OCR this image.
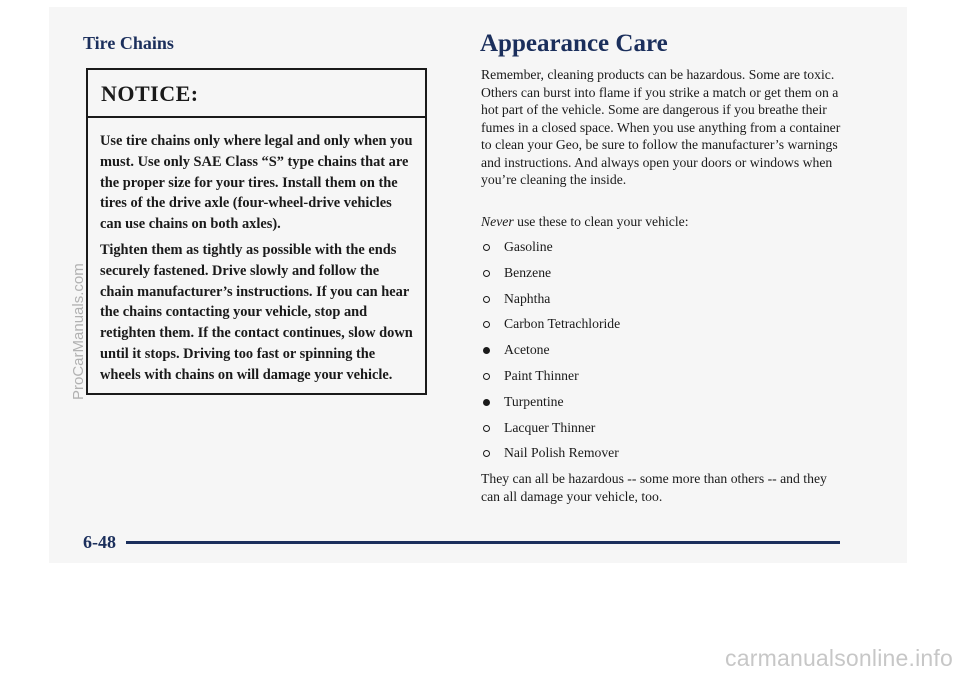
Tire Chains
NOTICE:

Use tire chains only where legal and only when you must. Use only SAE Class “S” type chains that are the proper size for your tires. Install them on the tires of the drive axle (four-wheel-drive vehicles can use chains on both axles).

Tighten them as tightly as possible with the ends securely fastened. Drive slowly and follow the chain manufacturer’s instructions. If you can hear the chains contacting your vehicle, stop and retighten them. If the contact continues, slow down until it stops. Driving too fast or spinning the wheels with chains on will damage your vehicle.

Appearance Care

Remember, cleaning products can be hazardous. Some are toxic. Others can burst into flame if you strike a match or get them on a hot part of the vehicle. Some are dangerous if you breathe their fumes in a closed space. When you use anything from a container to clean your Geo, be sure to follow the manufacturer’s warnings and instructions. And always open your doors or windows when you’re cleaning the inside.

Never use these to clean your vehicle:

Gasoline
Benzene
Naphtha
Carbon Tetrachloride
Acetone
Paint Thinner
Turpentine
Lacquer Thinner
Nail Polish Remover

They can all be hazardous -- some more than others -- and they can all damage your vehicle, too.

6-48
ProCarManuals.com
carmanualsonline.info
